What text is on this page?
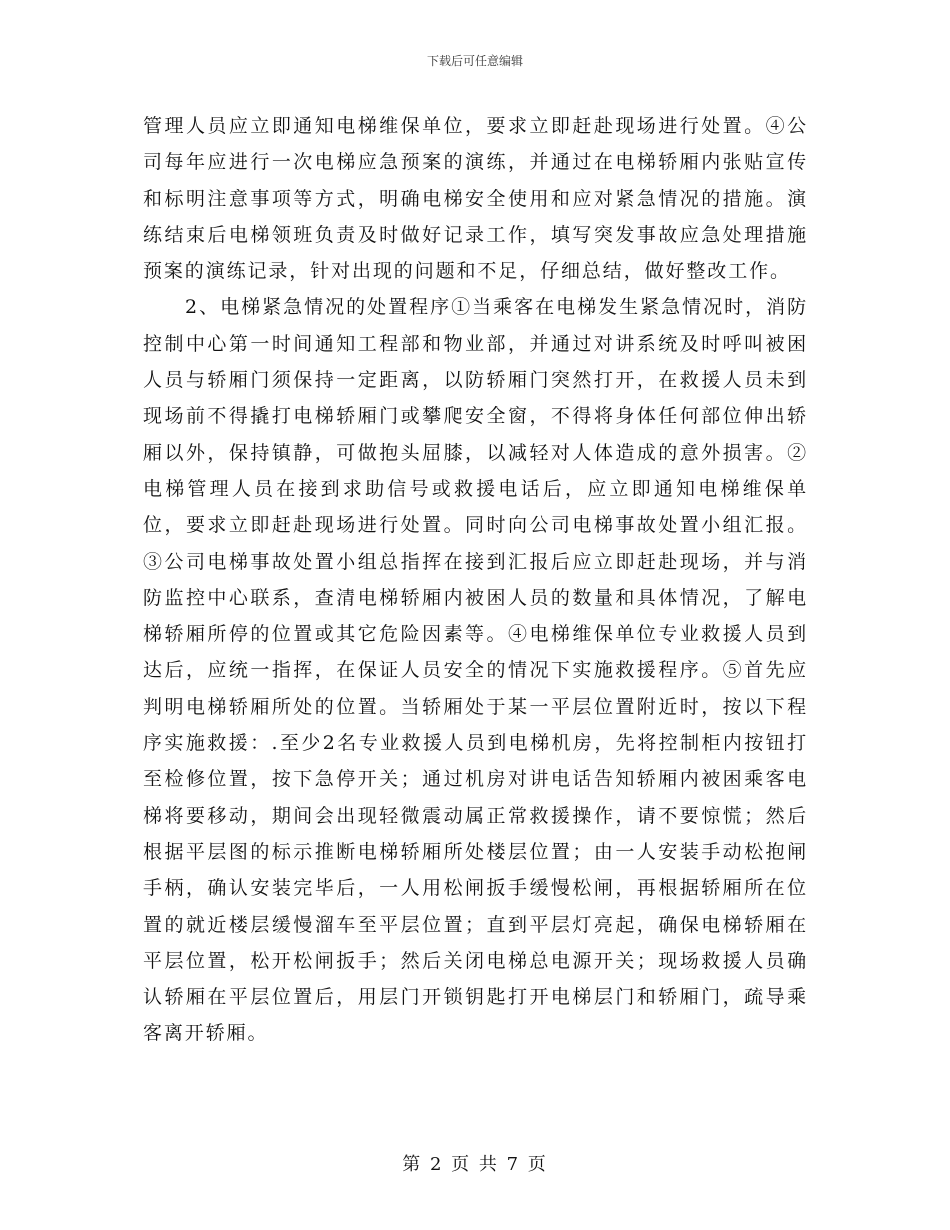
下载后可任意编辑

管理人员应立即通知电梯维保单位，要求立即赶赴现场进行处置。④公司每年应进行一次电梯应急预案的演练，并通过在电梯轿厢内张贴宣传和标明注意事项等方式，明确电梯安全使用和应对紧急情况的措施。演练结束后电梯领班负责及时做好记录工作，填写突发事故应急处理措施预案的演练记录，针对出现的问题和不足，仔细总结，做好整改工作。

2、电梯紧急情况的处置程序①当乘客在电梯发生紧急情况时，消防控制中心第一时间通知工程部和物业部，并通过对讲系统及时呼叫被困人员与轿厢门须保持一定距离，以防轿厢门突然打开，在救援人员未到现场前不得撬打电梯轿厢门或攀爬安全窗，不得将身体任何部位伸出轿厢以外，保持镇静，可做抱头屈膝，以减轻对人体造成的意外损害。②电梯管理人员在接到求助信号或救援电话后，应立即通知电梯维保单位，要求立即赶赴现场进行处置。同时向公司电梯事故处置小组汇报。③公司电梯事故处置小组总指挥在接到汇报后应立即赶赴现场，并与消防监控中心联系，查清电梯轿厢内被困人员的数量和具体情况，了解电梯轿厢所停的位置或其它危险因素等。④电梯维保单位专业救援人员到达后，应统一指挥，在保证人员安全的情况下实施救援程序。⑤首先应判明电梯轿厢所处的位置。当轿厢处于某一平层位置附近时，按以下程序实施救援：.至少2名专业救援人员到电梯机房，先将控制柜内按钮打至检修位置，按下急停开关；通过机房对讲电话告知轿厢内被困乘客电梯将要移动，期间会出现轻微震动属正常救援操作，请不要惊慌；然后根据平层图的标示推断电梯轿厢所处楼层位置；由一人安装手动松抱闸手柄，确认安装完毕后，一人用松闸扳手缓慢松闸，再根据轿厢所在位置的就近楼层缓慢溜车至平层位置；直到平层灯亮起，确保电梯轿厢在平层位置，松开松闸扳手；然后关闭电梯总电源开关；现场救援人员确认轿厢在平层位置后，用层门开锁钥匙打开电梯层门和轿厢门，疏导乘客离开轿厢。

第 2 页 共 7 页
